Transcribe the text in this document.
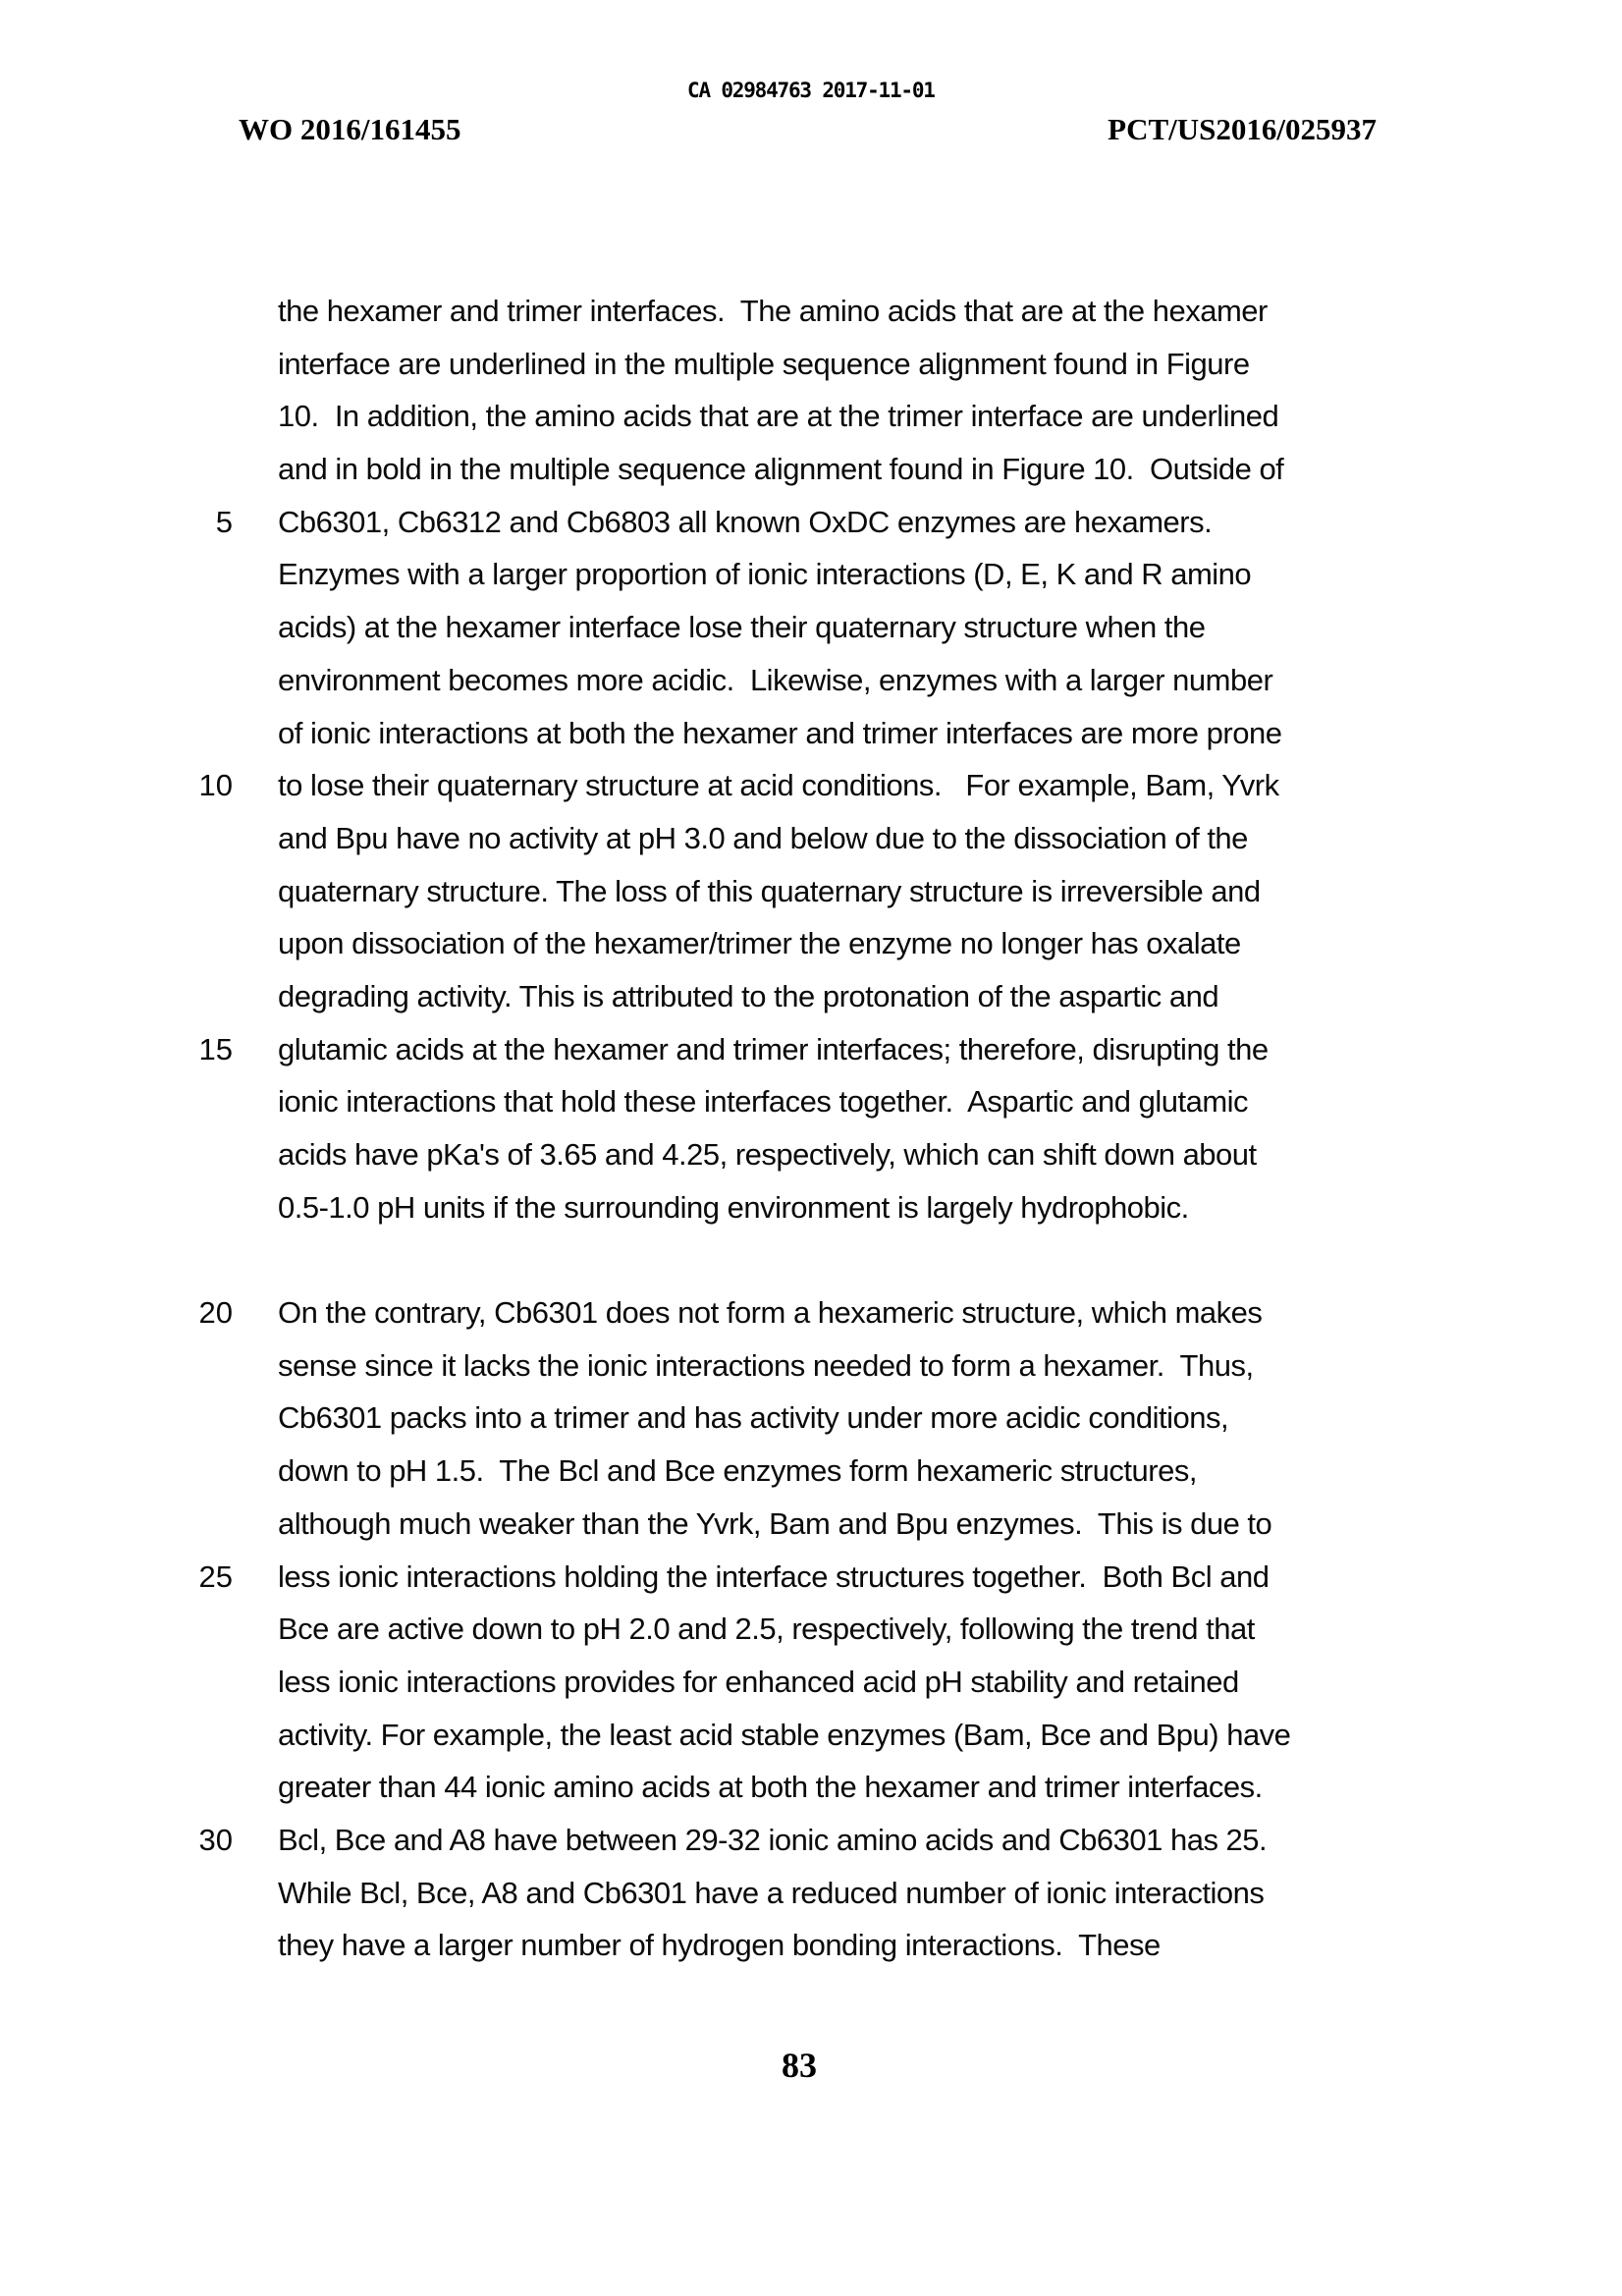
CA 02984763 2017-11-01
WO 2016/161455	PCT/US2016/025937
the hexamer and trimer interfaces.  The amino acids that are at the hexamer
interface are underlined in the multiple sequence alignment found in Figure
10.  In addition, the amino acids that are at the trimer interface are underlined
and in bold in the multiple sequence alignment found in Figure 10.  Outside of
5 Cb6301, Cb6312 and Cb6803 all known OxDC enzymes are hexamers.
Enzymes with a larger proportion of ionic interactions (D, E, K and R amino
acids) at the hexamer interface lose their quaternary structure when the
environment becomes more acidic.  Likewise, enzymes with a larger number
of ionic interactions at both the hexamer and trimer interfaces are more prone
10 to lose their quaternary structure at acid conditions.   For example, Bam, Yvrk
and Bpu have no activity at pH 3.0 and below due to the dissociation of the
quaternary structure. The loss of this quaternary structure is irreversible and
upon dissociation of the hexamer/trimer the enzyme no longer has oxalate
degrading activity. This is attributed to the protonation of the aspartic and
15 glutamic acids at the hexamer and trimer interfaces; therefore, disrupting the
ionic interactions that hold these interfaces together.  Aspartic and glutamic
acids have pKa's of 3.65 and 4.25, respectively, which can shift down about
0.5-1.0 pH units if the surrounding environment is largely hydrophobic.
20 On the contrary, Cb6301 does not form a hexameric structure, which makes
sense since it lacks the ionic interactions needed to form a hexamer.  Thus,
Cb6301 packs into a trimer and has activity under more acidic conditions,
down to pH 1.5.  The Bcl and Bce enzymes form hexameric structures,
although much weaker than the Yvrk, Bam and Bpu enzymes.  This is due to
25 less ionic interactions holding the interface structures together.  Both Bcl and
Bce are active down to pH 2.0 and 2.5, respectively, following the trend that
less ionic interactions provides for enhanced acid pH stability and retained
activity. For example, the least acid stable enzymes (Bam, Bce and Bpu) have
greater than 44 ionic amino acids at both the hexamer and trimer interfaces.
30 Bcl, Bce and A8 have between 29-32 ionic amino acids and Cb6301 has 25.
While Bcl, Bce, A8 and Cb6301 have a reduced number of ionic interactions
they have a larger number of hydrogen bonding interactions.  These
83
